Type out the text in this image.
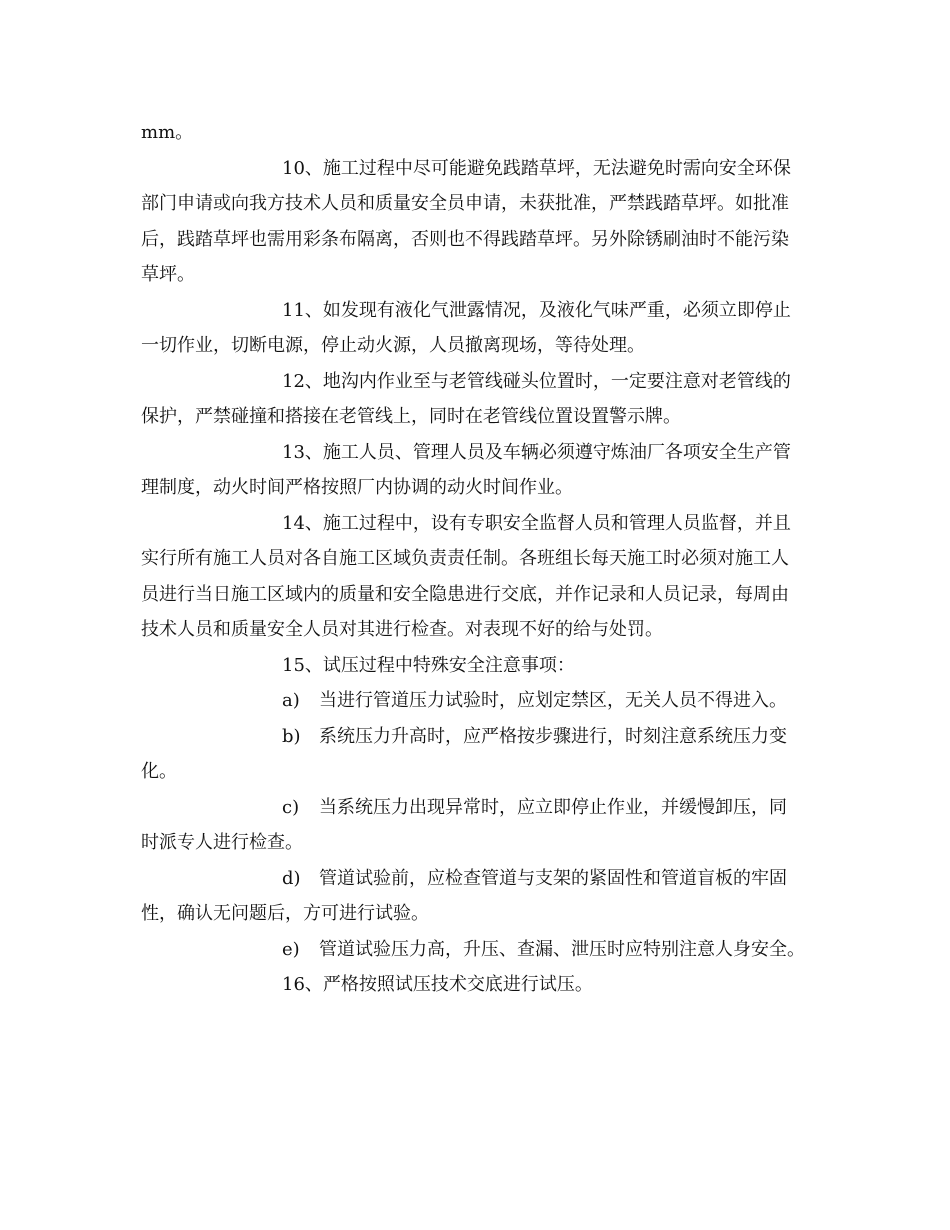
mm。
10、施工过程中尽可能避免践踏草坪，无法避免时需向安全环保
部门申请或向我方技术人员和质量安全员申请，未获批准，严禁践踏草坪。如批准
后，践踏草坪也需用彩条布隔离，否则也不得践踏草坪。另外除锈刷油时不能污染
草坪。
11、如发现有液化气泄露情况，及液化气味严重，必须立即停止
一切作业，切断电源，停止动火源，人员撤离现场，等待处理。
12、地沟内作业至与老管线碰头位置时，一定要注意对老管线的
保护，严禁碰撞和搭接在老管线上，同时在老管线位置设置警示牌。
13、施工人员、管理人员及车辆必须遵守炼油厂各项安全生产管
理制度，动火时间严格按照厂内协调的动火时间作业。
14、施工过程中，设有专职安全监督人员和管理人员监督，并且
实行所有施工人员对各自施工区域负责责任制。各班组长每天施工时必须对施工人
员进行当日施工区域内的质量和安全隐患进行交底，并作记录和人员记录，每周由
技术人员和质量安全人员对其进行检查。对表现不好的给与处罚。
15、试压过程中特殊安全注意事项：
a) 当进行管道压力试验时，应划定禁区，无关人员不得进入。
b) 系统压力升高时，应严格按步骤进行，时刻注意系统压力变
化。
c) 当系统压力出现异常时，应立即停止作业，并缓慢卸压，同
时派专人进行检查。
d) 管道试验前，应检查管道与支架的紧固性和管道盲板的牢固
性，确认无问题后，方可进行试验。
e) 管道试验压力高，升压、查漏、泄压时应特别注意人身安全。
16、严格按照试压技术交底进行试压。
